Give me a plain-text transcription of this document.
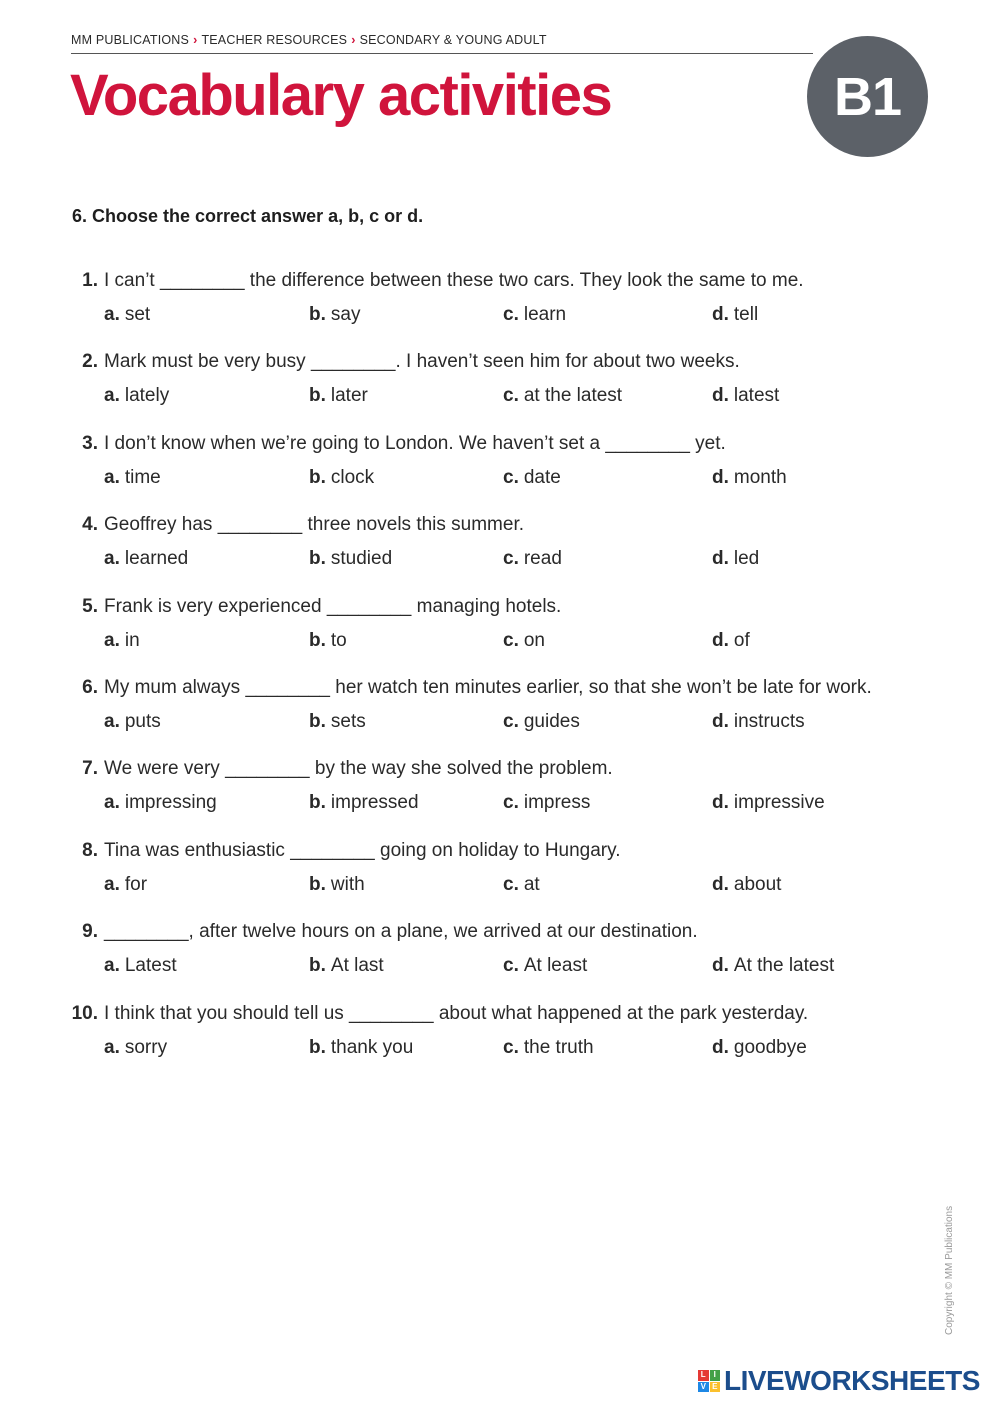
MM PUBLICATIONS › TEACHER RESOURCES › SECONDARY & YOUNG ADULT
Vocabulary activities	B1

6. Choose the correct answer a, b, c or d.

1. I can’t ________ the difference between these two cars. They look the same to me.
a. set	b. say	c. learn	d. tell
2. Mark must be very busy ________. I haven’t seen him for about two weeks.
a. lately	b. later	c. at the latest	d. latest
3. I don’t know when we’re going to London. We haven’t set a ________ yet.
a. time	b. clock	c. date	d. month
4. Geoffrey has ________ three novels this summer.
a. learned	b. studied	c. read	d. led
5. Frank is very experienced ________ managing hotels.
a. in	b. to	c. on	d. of
6. My mum always ________ her watch ten minutes earlier, so that she won’t be late for work.
a. puts	b. sets	c. guides	d. instructs
7. We were very ________ by the way she solved the problem.
a. impressing	b. impressed	c. impress	d. impressive
8. Tina was enthusiastic ________ going on holiday to Hungary.
a. for	b. with	c. at	d. about
9. ________, after twelve hours on a plane, we arrived at our destination.
a. Latest	b. At last	c. At least	d. At the latest
10. I think that you should tell us ________ about what happened at the park yesterday.
a. sorry	b. thank you	c. the truth	d. goodbye
Copyright © MM Publications
L I
V E LIVEWORKSHEETS
